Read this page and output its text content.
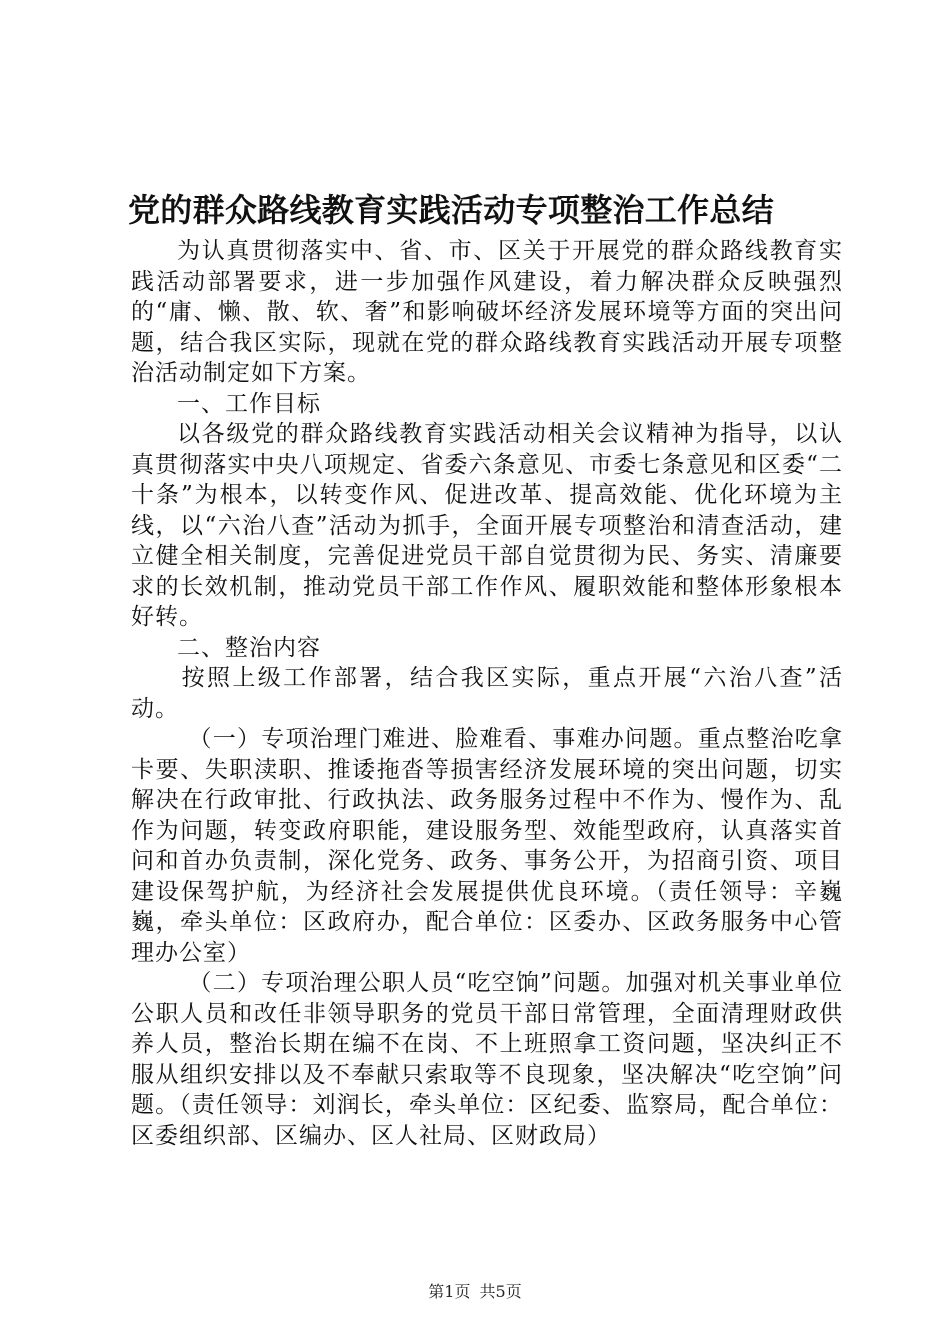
党的群众路线教育实践活动专项整治工作总结

为认真贯彻落实中、省、市、区关于开展党的群众路线教育实践活动部署要求，进一步加强作风建设，着力解决群众反映强烈的“庸、懒、散、软、奢”和影响破坏经济发展环境等方面的突出问题，结合我区实际，现就在党的群众路线教育实践活动开展专项整治活动制定如下方案。

一、工作目标

以各级党的群众路线教育实践活动相关会议精神为指导，以认真贯彻落实中央八项规定、省委六条意见、市委七条意见和区委“二十条”为根本，以转变作风、促进改革、提高效能、优化环境为主线，以“六治八查”活动为抓手，全面开展专项整治和清查活动，建立健全相关制度，完善促进党员干部自觉贯彻为民、务实、清廉要求的长效机制，推动党员干部工作作风、履职效能和整体形象根本好转。

二、整治内容

按照上级工作部署，结合我区实际，重点开展“六治八查”活动。

（一）专项治理门难进、脸难看、事难办问题。重点整治吃拿卡要、失职渎职、推诿拖沓等损害经济发展环境的突出问题，切实解决在行政审批、行政执法、政务服务过程中不作为、慢作为、乱作为问题，转变政府职能，建设服务型、效能型政府，认真落实首问和首办负责制，深化党务、政务、事务公开，为招商引资、项目建设保驾护航，为经济社会发展提供优良环境。（责任领导：辛巍巍，牵头单位：区政府办，配合单位：区委办、区政务服务中心管理办公室）

（二）专项治理公职人员“吃空饷”问题。加强对机关事业单位公职人员和改任非领导职务的党员干部日常管理，全面清理财政供养人员，整治长期在编不在岗、不上班照拿工资问题，坚决纠正不服从组织安排以及不奉献只索取等不良现象，坚决解决“吃空饷”问题。（责任领导：刘润长，牵头单位：区纪委、监察局，配合单位：区委组织部、区编办、区人社局、区财政局）

第1页 共5页
